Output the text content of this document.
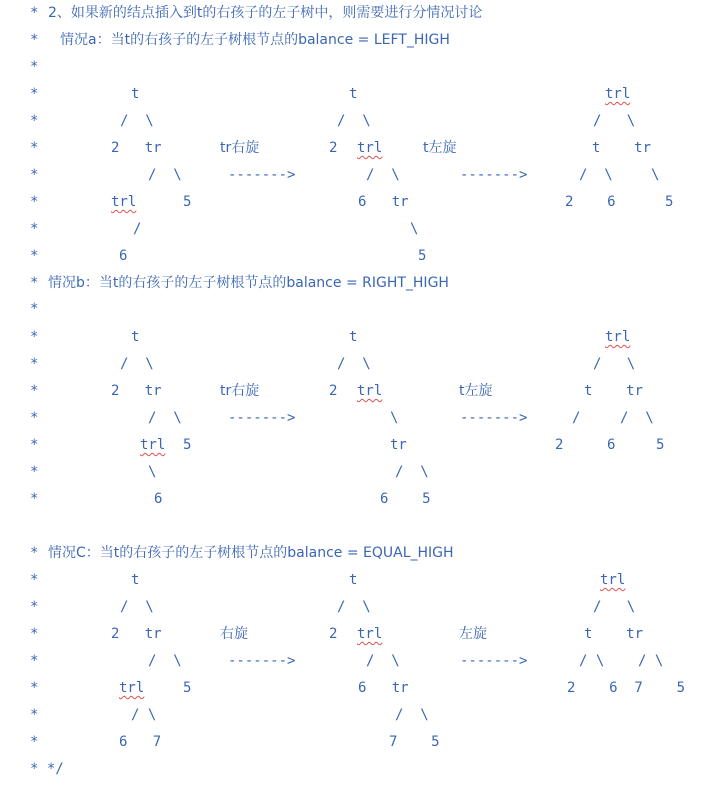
* 2、如果新的结点插入到t的右孩子的左子树中，则需要进行分情况讨论
* 情况a：当t的右孩子的左子树根节点的balance = LEFT_HIGH
*
*	t	t	trl
*	/  \	/  \	/   \
*	2   tr	tr右旋	2 trl	t左旋	t    tr
*	/  \	------->	/  \	------->	/  \	\
*	trl	5	6   tr	2    6	5
*	/	\
*	6	5
* 情况b：当t的右孩子的左子树根节点的balance = RIGHT_HIGH
*
*	t	t	trl
*	/  \	/  \	/   \
*	2   tr	tr右旋	2 trl	t左旋	t    tr
*	/  \	------->	\	------->	/	/  \
*	trl 5	tr	2	6	5
*	\	/  \
*	6	6    5
* 情况C：当t的右孩子的左子树根节点的balance = EQUAL_HIGH
*	t	t	trl
*	/  \	/  \	/   \
*	2   tr	右旋	2 trl	左旋	t    tr
*	/  \	------->	/  \	------->	/ \    / \
*	trl	5	6   tr	2    6  7    5
*	/ \	/  \
*	6   7	7    5
* */
